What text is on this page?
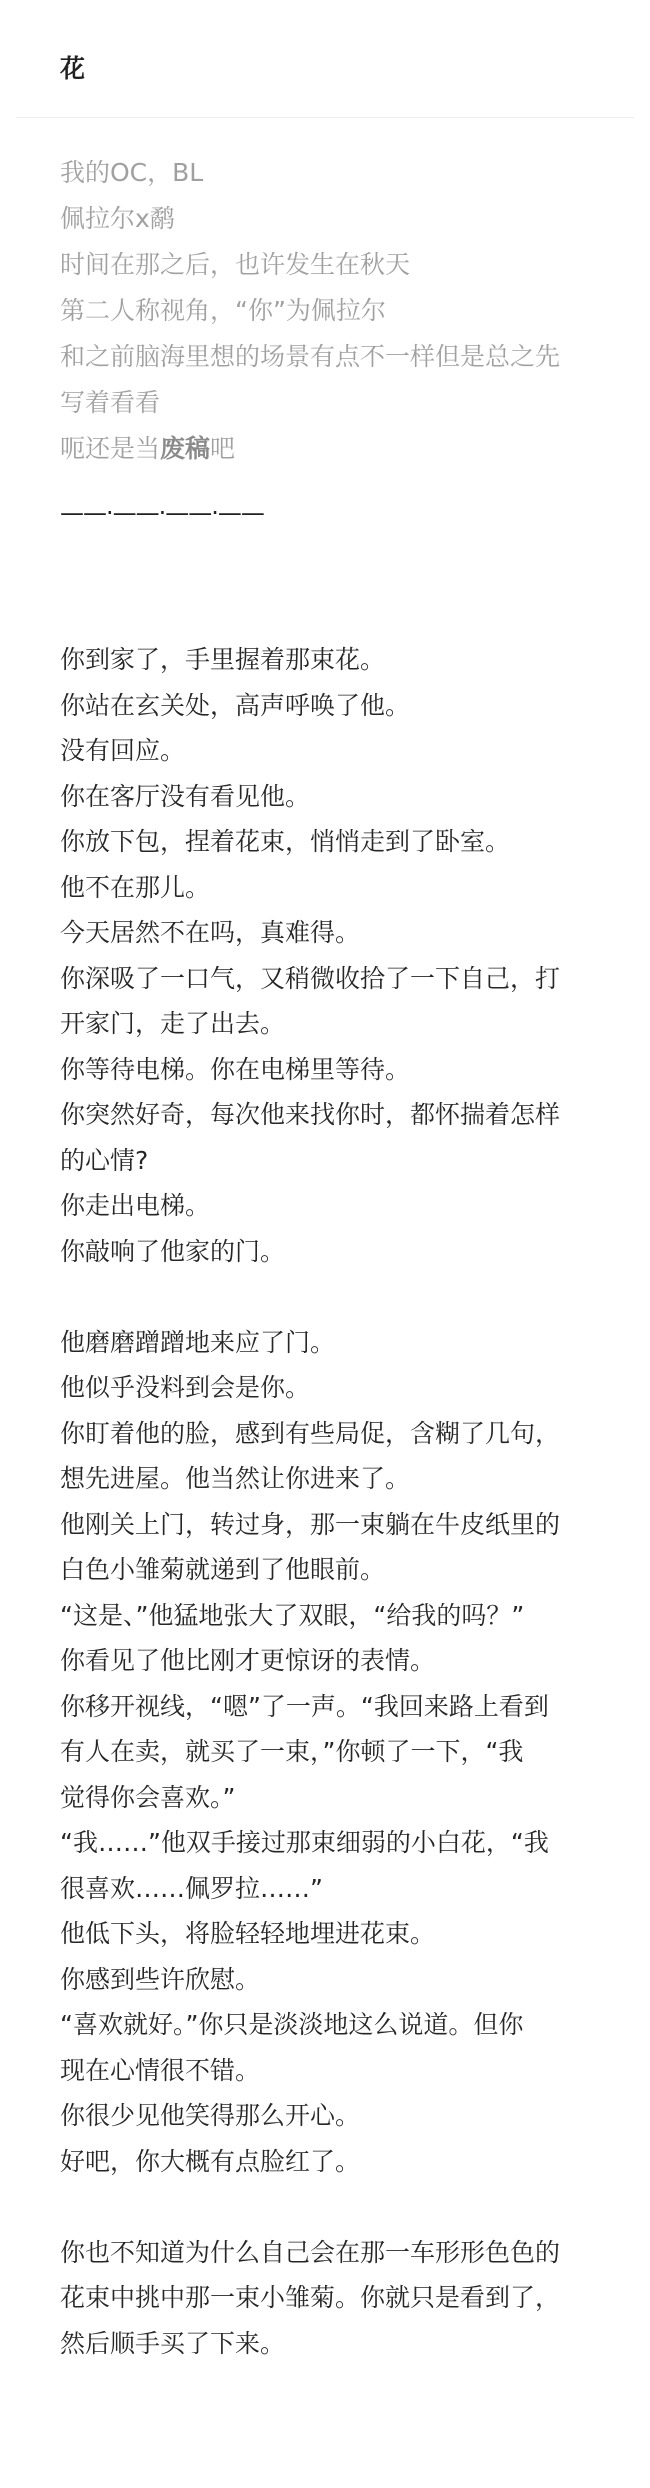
花
我的OC，BL
佩拉尔x鹬
时间在那之后，也许发生在秋天
第二人称视角，“你”为佩拉尔
和之前脑海里想的场景有点不一样但是总之先
写着看看
呃还是当废稿吧
——·——·——·——
你到家了，手里握着那束花。
你站在玄关处，高声呼唤了他。
没有回应。
你在客厅没有看见他。
你放下包，捏着花束，悄悄走到了卧室。
他不在那儿。
今天居然不在吗，真难得。
你深吸了一口气，又稍微收拾了一下自己，打
开家门，走了出去。
你等待电梯。你在电梯里等待。
你突然好奇，每次他来找你时，都怀揣着怎样
的心情?
你走出电梯。
你敲响了他家的门。
他磨磨蹭蹭地来应了门。
他似乎没料到会是你。
你盯着他的脸，感到有些局促，含糊了几句，
想先进屋。他当然让你进来了。
他刚关上门，转过身，那一束躺在牛皮纸里的
白色小雏菊就递到了他眼前。
“这是、”他猛地张大了双眼，“给我的吗？”
你看见了他比刚才更惊讶的表情。
你移开视线，“嗯”了一声。“我回来路上看到
有人在卖，就买了一束，”你顿了一下，“我
觉得你会喜欢。”
“我……”他双手接过那束细弱的小白花，“我
很喜欢……佩罗拉……”
他低下头，将脸轻轻地埋进花束。
你感到些许欣慰。
“喜欢就好。”你只是淡淡地这么说道。但你
现在心情很不错。
你很少见他笑得那么开心。
好吧，你大概有点脸红了。
你也不知道为什么自己会在那一车形形色色的
花束中挑中那一束小雏菊。你就只是看到了，
然后顺手买了下来。
